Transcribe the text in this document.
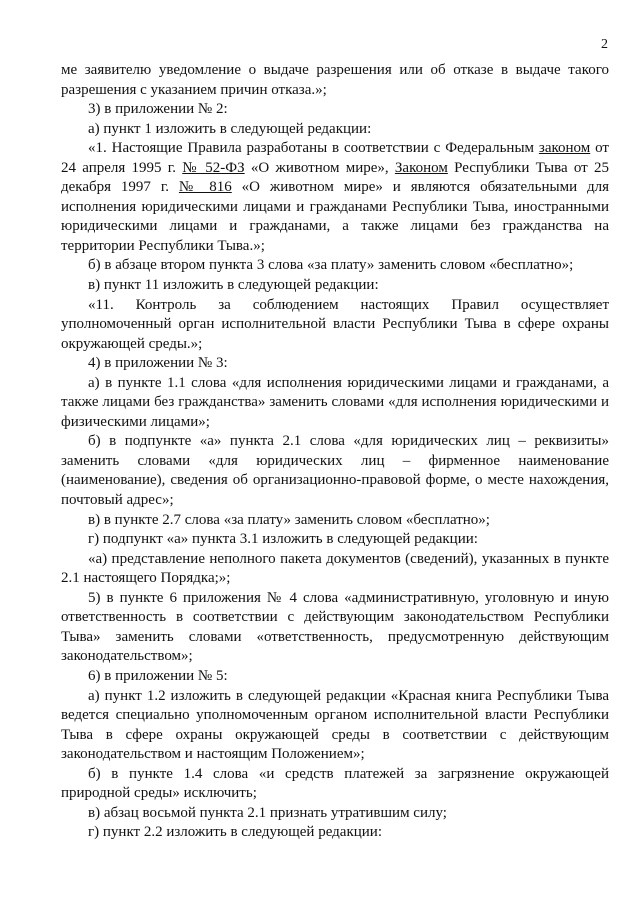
2

ме заявителю уведомление о выдаче разрешения или об отказе в выдаче такого разрешения с указанием причин отказа.»;

3) в приложении № 2:

а) пункт 1 изложить в следующей редакции:

«1. Настоящие Правила разработаны в соответствии с Федеральным законом от 24 апреля 1995 г. № 52-ФЗ «О животном мире», Законом Республики Тыва от 25 декабря 1997 г. № 816 «О животном мире» и являются обязательными для исполнения юридическими лицами и гражданами Республики Тыва, иностранными юридическими лицами и гражданами, а также лицами без гражданства на территории Республики Тыва.»;

б) в абзаце втором пункта 3 слова «за плату» заменить словом «бесплатно»;

в) пункт 11 изложить в следующей редакции:

«11. Контроль за соблюдением настоящих Правил осуществляет уполномоченный орган исполнительной власти Республики Тыва в сфере охраны окружающей среды.»;

4) в приложении № 3:

а) в пункте 1.1 слова «для исполнения юридическими лицами и гражданами, а также лицами без гражданства» заменить словами «для исполнения юридическими и физическими лицами»;

б) в подпункте «а» пункта 2.1 слова «для юридических лиц – реквизиты» заменить словами «для юридических лиц – фирменное наименование (наименование), сведения об организационно-правовой форме, о месте нахождения, почтовый адрес»;

в) в пункте 2.7 слова «за плату» заменить словом «бесплатно»;

г) подпункт «а» пункта 3.1 изложить в следующей редакции:

«а) представление неполного пакета документов (сведений), указанных в пункте 2.1 настоящего Порядка;»;

5) в пункте 6 приложения № 4 слова «административную, уголовную и иную ответственность в соответствии с действующим законодательством Республики Тыва» заменить словами «ответственность, предусмотренную действующим законодательством»;

6) в приложении № 5:

а) пункт 1.2 изложить в следующей редакции «Красная книга Республики Тыва ведется специально уполномоченным органом исполнительной власти Республики Тыва в сфере охраны окружающей среды в соответствии с действующим законодательством и настоящим Положением»;

б) в пункте 1.4 слова «и средств платежей за загрязнение окружающей природной среды» исключить;

в) абзац восьмой пункта 2.1 признать утратившим силу;

г) пункт 2.2 изложить в следующей редакции:
